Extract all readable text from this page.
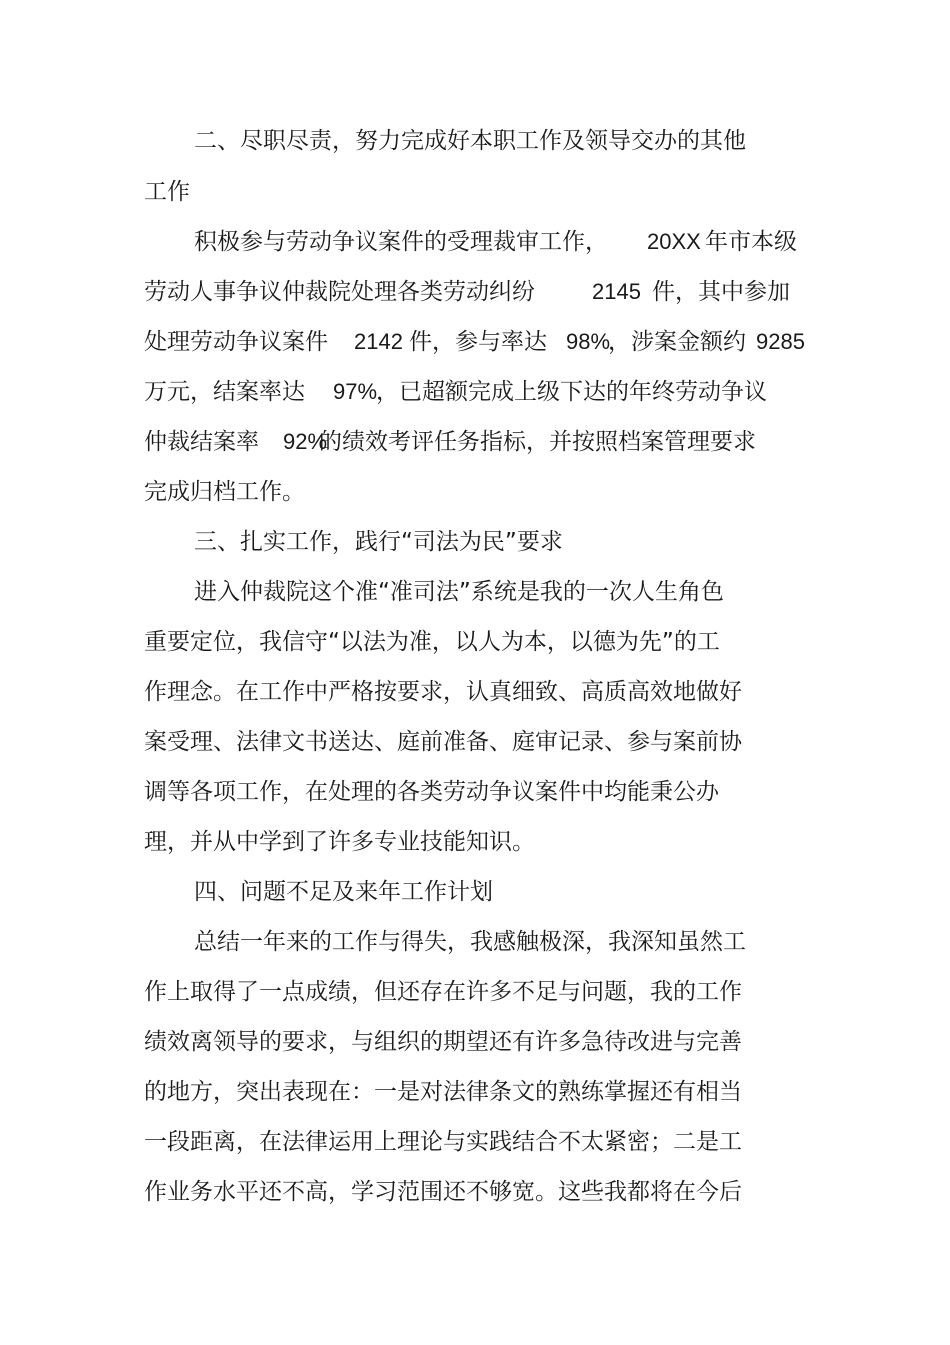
二、尽职尽责，努力完成好本职工作及领导交办的其他

工作

积极参与劳动争议案件的受理裁审工作，

20XX

年市本级

劳动人事争议仲裁院处理各类劳动纠纷

	2145

件，其中参加

处理劳动争议案件

2142

件，参与率达

98%

，涉案金额约

9285

万元，结案率达

97%

，已超额完成上级下达的年终劳动争议

仲裁结案率

92%

的绩效考评任务指标，并按照档案管理要求

完成归档工作。

三、扎实工作，践行“司法为民”要求

进入仲裁院这个准“准司法”系统是我的一次人生角色

重要定位，我信守“以法为准，以人为本，以德为先”的工

作理念。在工作中严格按要求，认真细致、高质高效地做好

案受理、法律文书送达、庭前准备、庭审记录、参与案前协

调等各项工作，在处理的各类劳动争议案件中均能秉公办

理，并从中学到了许多专业技能知识。

四、问题不足及来年工作计划

总结一年来的工作与得失，我感触极深，我深知虽然工

作上取得了一点成绩，但还存在许多不足与问题，我的工作

绩效离领导的要求，与组织的期望还有许多急待改进与完善

的地方，突出表现在：一是对法律条文的熟练掌握还有相当

一段距离，在法律运用上理论与实践结合不太紧密；二是工

作业务水平还不高，学习范围还不够宽。这些我都将在今后
